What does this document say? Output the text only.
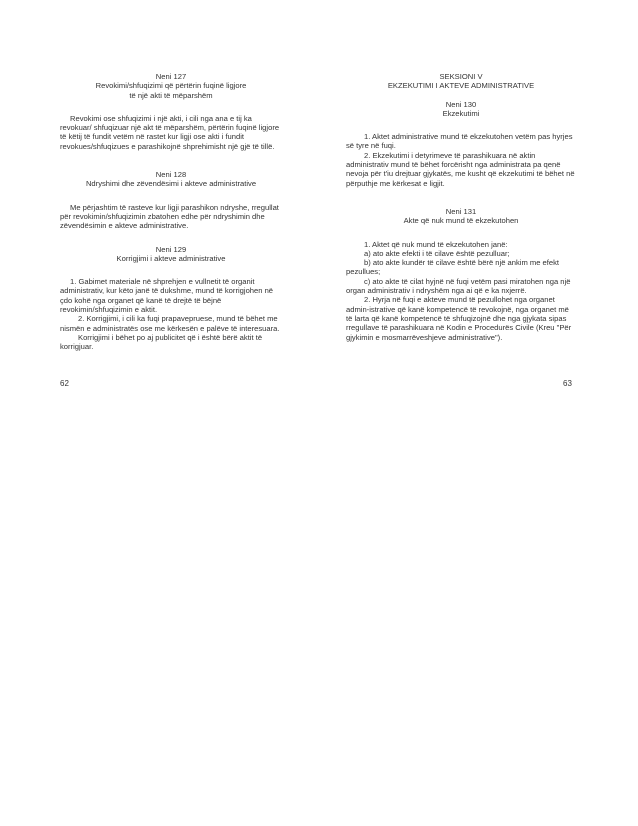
Neni 127

Revokimi/shfuqizimi që përtërin fuqinë ligjore

të një akti të mëparshëm

Revokimi ose shfuqizimi i një akti, i cili nga ana e tij ka revokuar/ shfuqizuar një akt të mëparshëm, përtërin fuqinë ligjore të këtij të fundit vetëm në rastet kur ligji ose akti i fundit revokues/shfuqizues e parashikojnë shprehimisht një gjë të tillë.

Neni 128

Ndryshimi dhe zëvendësimi i akteve administrative

Me përjashtim të rasteve kur ligji parashikon ndryshe, rregullat për revokimin/shfuqizimin zbatohen edhe për ndryshimin dhe zëvendësimin e akteve administrative.

Neni 129

Korrigjimi i akteve administrative

1. Gabimet materiale në shprehjen e vullnetit të organit administrativ, kur këto janë të dukshme, mund të korrigjohen në çdo kohë nga organet që kanë të drejtë të bëjnë revokimin/shfuqizimin e aktit.

2. Korrigjimi, i cili ka fuqi prapavepruese, mund të bëhet me nismën e administratës ose me kërkesën e palëve të interesuara.

Korrigjimi i bëhet po aj publicitet që i është bërë aktit të korrigjuar.

SEKSIONI V

EKZEKUTIMI I AKTEVE ADMINISTRATIVE

Neni 130

Ekzekutimi

1. Aktet administrative mund të ekzekutohen vetëm pas hyrjes së tyre në fuqi.

2. Ekzekutimi i detyrimeve të parashikuara në aktin administrativ mund të bëhet forcërisht nga administrata pa qenë nevoja për t'iu drejtuar gjykatës, me kusht që ekzekutimi të bëhet në përputhje me kërkesat e ligjit.

Neni 131

Akte që nuk mund të ekzekutohen

1. Aktet që nuk mund të ekzekutohen janë:

a) ato akte efekti i të cilave është pezulluar;

b) ato akte kundër të cilave është bërë një ankim me efekt pezullues;

c) ato akte të cilat hyjnë në fuqi vetëm pasi miratohen nga një organ administrativ i ndryshëm nga ai që e ka nxjerrë.

2. Hyrja në fuqi e akteve mund të pezullohet nga organet admin-istrative që kanë kompetencë të revokojnë, nga organet më të larta që kanë kompetencë të shfuqizojnë dhe nga gjykata sipas rregullave të parashikuara në Kodin e Procedurës Civile (Kreu "Për gjykimin e mosmarrëveshjeve administrative").

62	63
